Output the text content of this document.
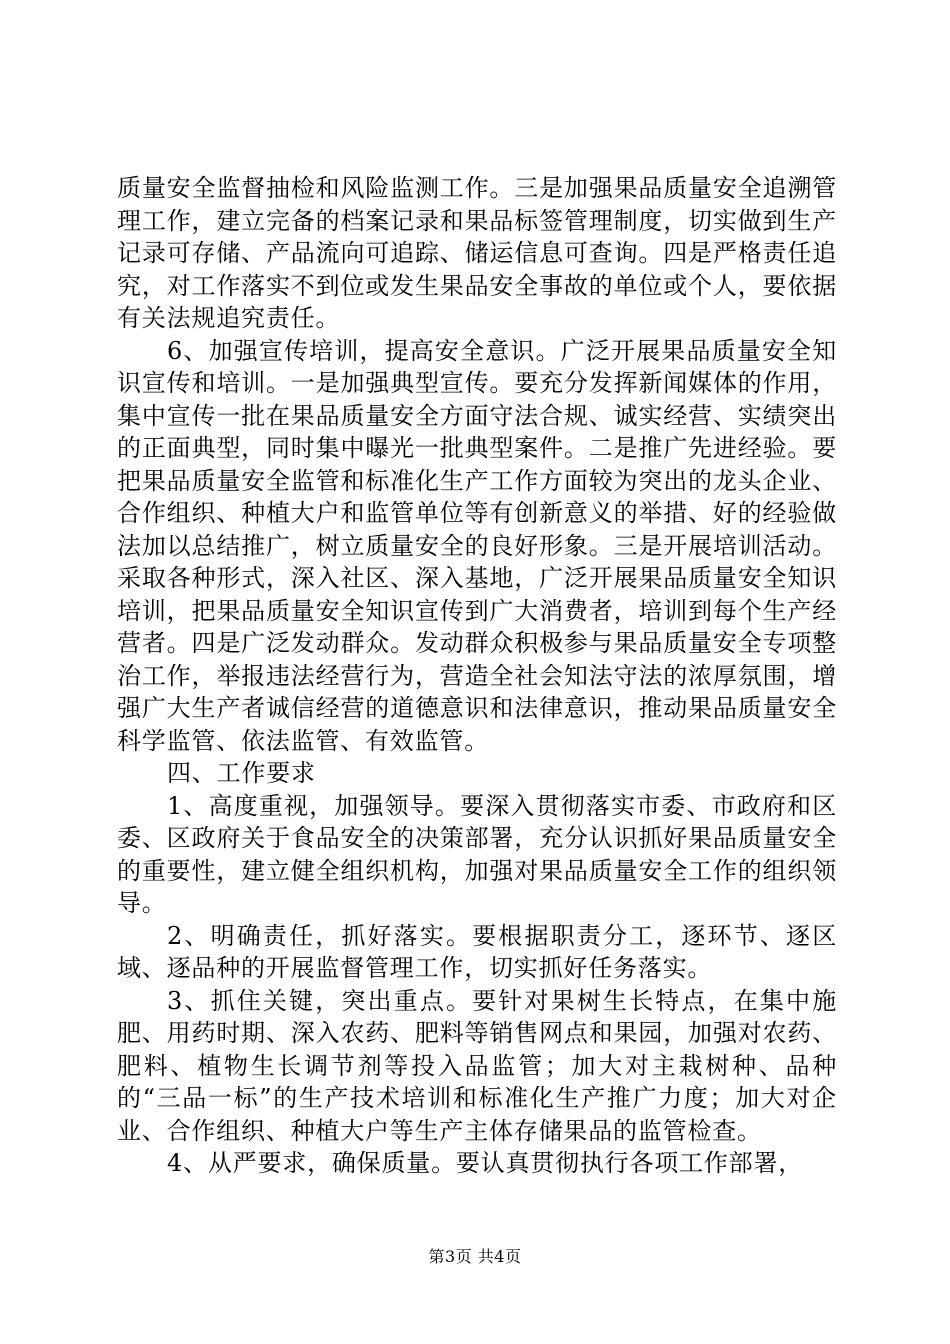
质量安全监督抽检和风险监测工作。三是加强果品质量安全追溯管理工作，建立完备的档案记录和果品标签管理制度，切实做到生产记录可存储、产品流向可追踪、储运信息可查询。四是严格责任追究，对工作落实不到位或发生果品安全事故的单位或个人，要依据有关法规追究责任。

6、加强宣传培训，提高安全意识。广泛开展果品质量安全知识宣传和培训。一是加强典型宣传。要充分发挥新闻媒体的作用，集中宣传一批在果品质量安全方面守法合规、诚实经营、实绩突出的正面典型，同时集中曝光一批典型案件。二是推广先进经验。要把果品质量安全监管和标准化生产工作方面较为突出的龙头企业、合作组织、种植大户和监管单位等有创新意义的举措、好的经验做法加以总结推广，树立质量安全的良好形象。三是开展培训活动。采取各种形式，深入社区、深入基地，广泛开展果品质量安全知识培训，把果品质量安全知识宣传到广大消费者，培训到每个生产经营者。四是广泛发动群众。发动群众积极参与果品质量安全专项整治工作，举报违法经营行为，营造全社会知法守法的浓厚氛围，增强广大生产者诚信经营的道德意识和法律意识，推动果品质量安全科学监管、依法监管、有效监管。

四、工作要求

1、高度重视，加强领导。要深入贯彻落实市委、市政府和区委、区政府关于食品安全的决策部署，充分认识抓好果品质量安全的重要性，建立健全组织机构，加强对果品质量安全工作的组织领导。

2、明确责任，抓好落实。要根据职责分工，逐环节、逐区域、逐品种的开展监督管理工作，切实抓好任务落实。

3、抓住关键，突出重点。要针对果树生长特点，在集中施肥、用药时期、深入农药、肥料等销售网点和果园，加强对农药、肥料、植物生长调节剂等投入品监管；加大对主栽树种、品种的“三品一标”的生产技术培训和标准化生产推广力度；加大对企业、合作组织、种植大户等生产主体存储果品的监管检查。

4、从严要求，确保质量。要认真贯彻执行各项工作部署，

第3页 共4页
